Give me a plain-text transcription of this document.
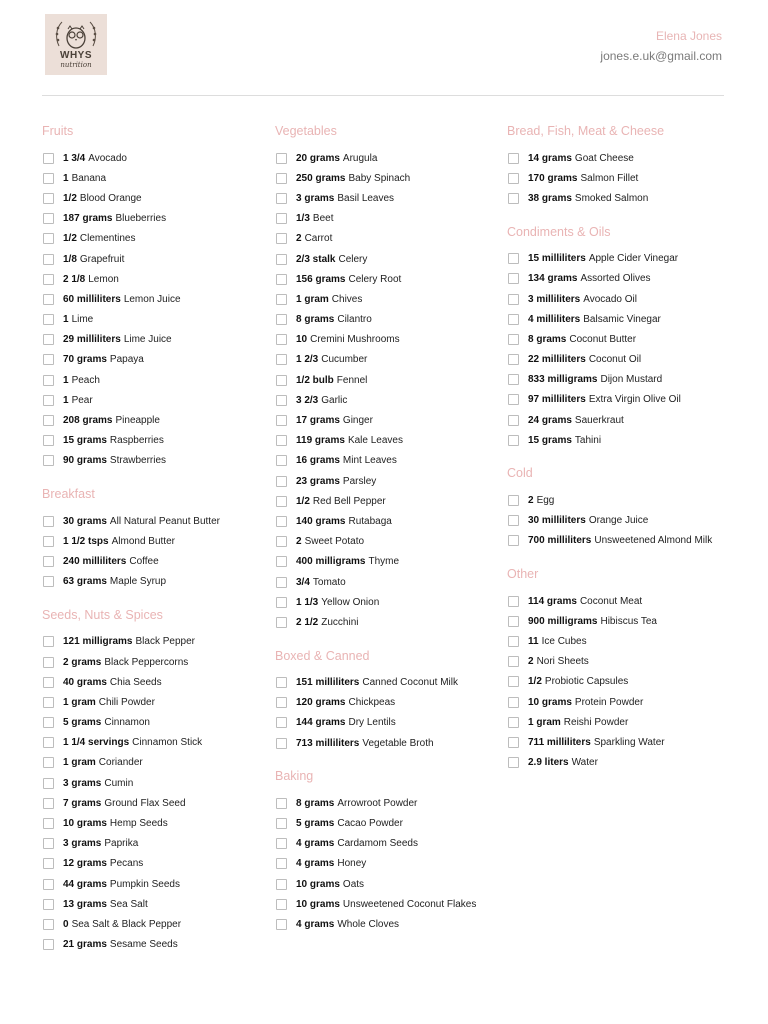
WHYS
nutrition
Elena Jones
jones.e.uk@gmail.com
Fruits
1 3/4 Avocado
1 Banana
1/2 Blood Orange
187 grams Blueberries
1/2 Clementines
1/8 Grapefruit
2 1/8 Lemon
60 milliliters Lemon Juice
1 Lime
29 milliliters Lime Juice
70 grams Papaya
1 Peach
1 Pear
208 grams Pineapple
15 grams Raspberries
90 grams Strawberries
Breakfast
30 grams All Natural Peanut Butter
1 1/2 tsps Almond Butter
240 milliliters Coffee
63 grams Maple Syrup
Seeds, Nuts & Spices
121 milligrams Black Pepper
2 grams Black Peppercorns
40 grams Chia Seeds
1 gram Chili Powder
5 grams Cinnamon
1 1/4 servings Cinnamon Stick
1 gram Coriander
3 grams Cumin
7 grams Ground Flax Seed
10 grams Hemp Seeds
3 grams Paprika
12 grams Pecans
44 grams Pumpkin Seeds
13 grams Sea Salt
0 Sea Salt & Black Pepper
21 grams Sesame Seeds
Vegetables
20 grams Arugula
250 grams Baby Spinach
3 grams Basil Leaves
1/3 Beet
2 Carrot
2/3 stalk Celery
156 grams Celery Root
1 gram Chives
8 grams Cilantro
10 Cremini Mushrooms
1 2/3 Cucumber
1/2 bulb Fennel
3 2/3 Garlic
17 grams Ginger
119 grams Kale Leaves
16 grams Mint Leaves
23 grams Parsley
1/2 Red Bell Pepper
140 grams Rutabaga
2 Sweet Potato
400 milligrams Thyme
3/4 Tomato
1 1/3 Yellow Onion
2 1/2 Zucchini
Boxed & Canned
151 milliliters Canned Coconut Milk
120 grams Chickpeas
144 grams Dry Lentils
713 milliliters Vegetable Broth
Baking
8 grams Arrowroot Powder
5 grams Cacao Powder
4 grams Cardamom Seeds
4 grams Honey
10 grams Oats
10 grams Unsweetened Coconut Flakes
4 grams Whole Cloves
Bread, Fish, Meat & Cheese
14 grams Goat Cheese
170 grams Salmon Fillet
38 grams Smoked Salmon
Condiments & Oils
15 milliliters Apple Cider Vinegar
134 grams Assorted Olives
3 milliliters Avocado Oil
4 milliliters Balsamic Vinegar
8 grams Coconut Butter
22 milliliters Coconut Oil
833 milligrams Dijon Mustard
97 milliliters Extra Virgin Olive Oil
24 grams Sauerkraut
15 grams Tahini
Cold
2 Egg
30 milliliters Orange Juice
700 milliliters Unsweetened Almond Milk
Other
114 grams Coconut Meat
900 milligrams Hibiscus Tea
11 Ice Cubes
2 Nori Sheets
1/2 Probiotic Capsules
10 grams Protein Powder
1 gram Reishi Powder
711 milliliters Sparkling Water
2.9 liters Water
